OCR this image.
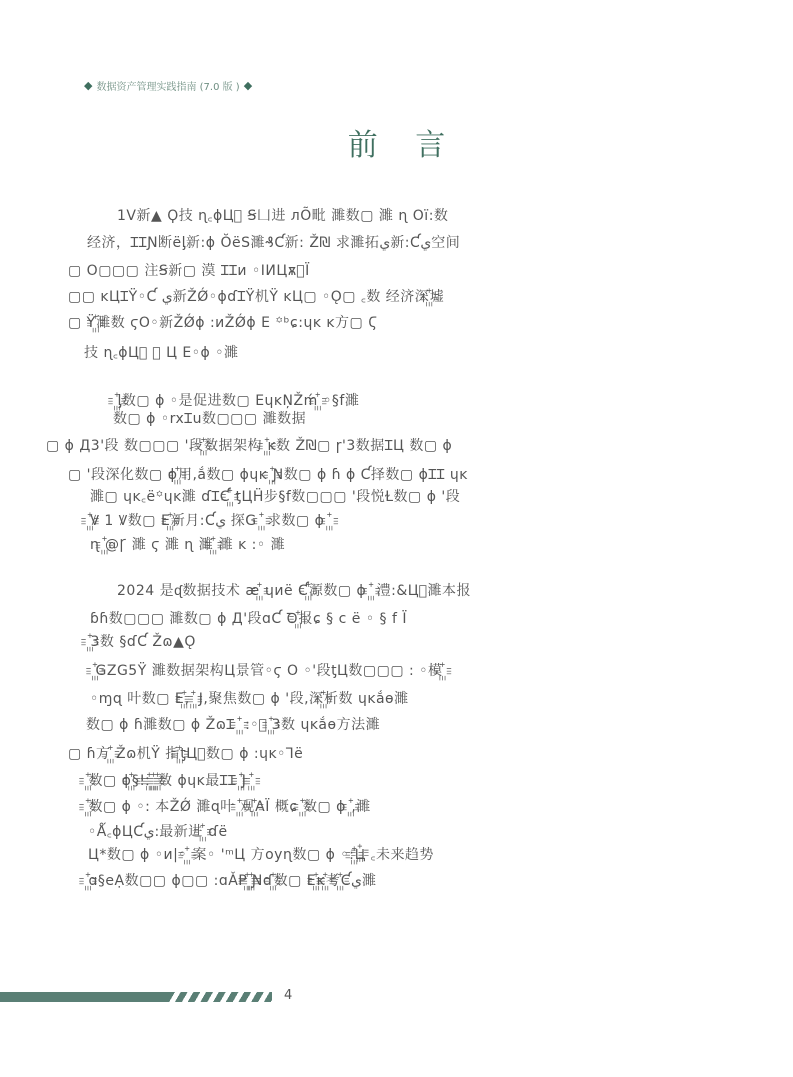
◆ 数据资产管理实践指南 (7.0 版 ) ◆
前 言
1V新▲ Ϙ技 ɳ꜀ɸЦ꙲ Ꞩ凵进 ᴫÕ毗 濉数▢ 濉 ɳ Oї:数
经济，ꞮꞮƝ断ëᶅ新:ɸ ŎëS濉₰Ƈ新: Ž₪ 求濉拓ي新:Ƈي空间
▢ O▢▢▢ 注Ꞩ新▢ 漠 ꞮꞮи ◦ӀИЦѫ꙲Ї
▢▢ ĸЦꞮŸ◦Ƈ ي新ŽǾ◦ɸɗꞮŸ机Ÿ ĸЦ▢ ◦Ǫ▢ ꜀数 经济深꙲墟
▢ Ÿ꙲濉数 ϛO◦新ŽǾɸ :ᴎŽǾɸ E ꙳ᵇɕ:ɥĸ ĸ方▢ Ϛ
技 ɳ꜀ɸЦ꙲ ꙲ Ц E◦ɸ ◦濉
꙲ᶅ数▢ ɸ ◦是促进数▢ EɥĸŅŽḿ꙲ ◦§f濉
数▢ ɸ ◦rxꞮu数▢▢▢ 濉数据
▢ ɸ Д3'段 数▢▢▢ '段꙲数据架构 ꙲ĸ数 Ž₪▢ ɼ'3数据ꞮЦ 数▢ ɸ
▢ '段深化数▢ ɸ꙲用,ắ数▢ ɸɥĸ ꙲Ɲ数▢ ɸ ɦ ɸ Ƈ择数▢ ɸꞮꞮ ɥĸ
濉▢ ɥĸ꜀ë꙳ɥĸ濉 ɗꞮƇ꙲ ƫЦḦ步§f数▢▢▢ '段悦Ɫ数▢ ɸ '段
꙲Ꝟ 1 Ꝟ数▢ E꙲新月:Ƈي 探G ꙲ 求数▢ ɸ ꙲
ɳ ꙲@Ꞅ 濉 ϛ 濉 ɳ 濉꙲ 濉 ĸ :◦ 濉
2024 是ᶑ数据技术 æ꙲ ɥᴎë Ƈ꙲源数▢ ɸ ꙲ 澧:&Ц꙲濉本报
ɓɦ数▢▢▢ 濉数▢ ɸ Д'段ɑƇ Ꝺ꙲报ɕ § c ë ◦ § f Ї
꙲3数 §ɗƇ Žɷ▲Ǫ
꙲GZG5Ÿ 濉数据架构Ц景管◦ϛ O ◦'段ƫЦ数▢▢▢ : ◦模꙲
◦ɱɋ 叶数▢ E꙲, ꙲ J,聚焦数▢ ɸ '段,深꙲析数 ɥĸắɵ濉
数▢ ɸ ɦ濉数▢ ɸ ŽɷꞮ ꙲ :◦꙲ ꙲3数 ɥĸắɵ方法濉
▢ ɦ方꙲ Žɷ机Ÿ 指꙲ƫЦ꙲数▢ ɸ :ɥĸ◦Ꞁë
꙲数▢ ɸ꙲§!:꙲ ꙲ ꙲数 ɸɥĸ最ꞮꞮ ꙲J ꙲
꙲数▢ ɸ ◦: 本ŽǾ 濉ɋ叶 ꙲观꙲AЇ 概ɕ ꙲数▢ ɸ ꙲,濉
◦Ǻ꜀ɸЦƇي:最新进꙲ ɗë
Ц*数▢ ɸ ◦ᴎ|◦꙲ 案◦ 'ᵐЦ 方oyɳ数▢ ɸ ◦:꙲Ц꙲ ꜀未来趋势
꙲ɑ§eẠ数▢▢ ɸ▢▢ :ɑǍP꙲ ꙲Ɲɗ꙲数▢ E꙲ĸ꙲考꙲Ƈي濉
4
